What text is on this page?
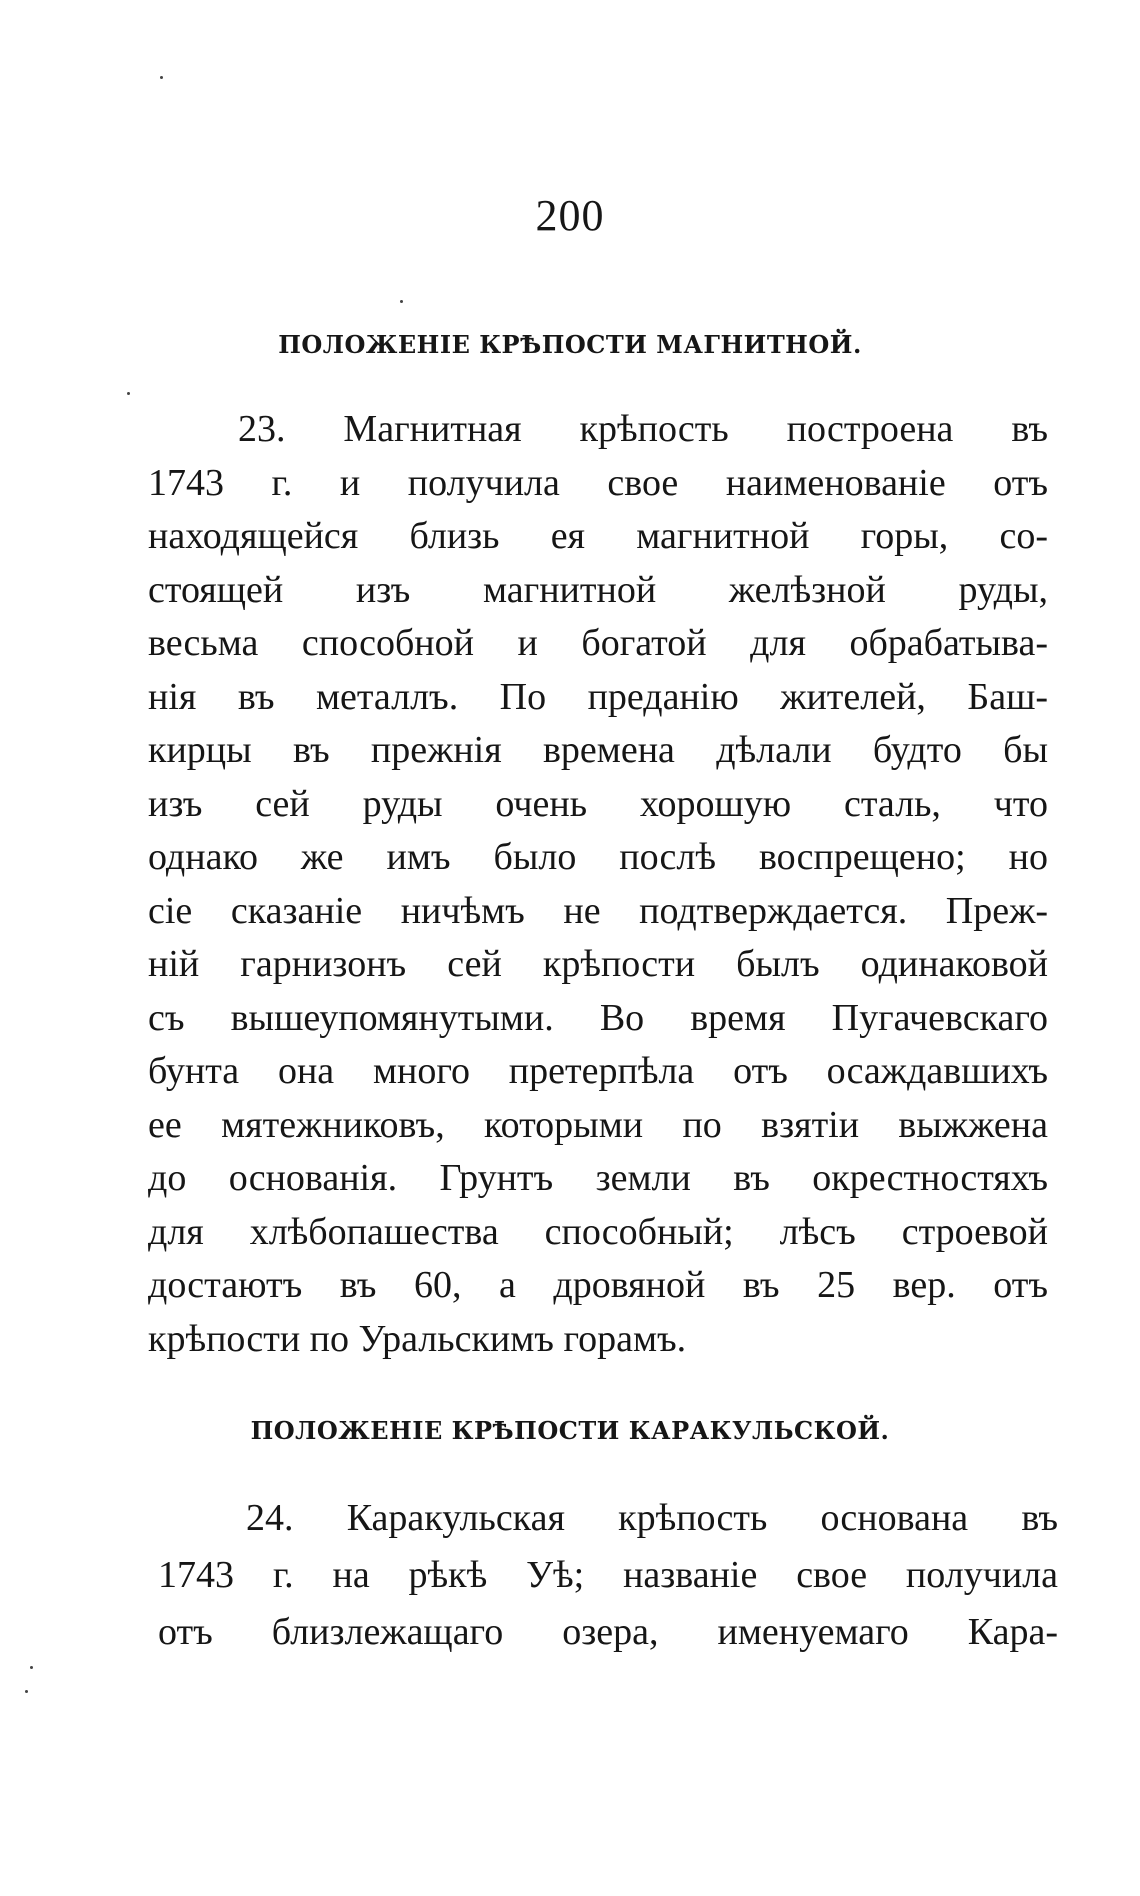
200
ПОЛОЖЕНІЕ КРѢПОСТИ МАГНИТНОЙ.
23. Магнитная крѣпость построена въ
1743 г. и получила свое наименованіе отъ
находящейся близь ея магнитной горы, со-
стоящей изъ магнитной желѣзной руды,
весьма способной и богатой для обрабатыва-
нія въ металлъ. По преданію жителей, Баш-
киpцы въ прежнія времена дѣлали будто бы
изъ сей руды очень хорошую сталь, что
однако же имъ было послѣ воспрещено; но
сіе сказаніе ничѣмъ не подтверждается. Преж-
ній гарнизонъ сей крѣпости былъ одинаковой
съ вышеупомянутыми. Во время Пугачевскаго
бунта она много претерпѣла отъ осаждавшихъ
ее мятежниковъ, которыми по взятіи выжжена
до основанія. Грунтъ земли въ окрестностяхъ
для хлѣбопашества способный; лѣсъ строевой
достаютъ въ 60, а дровяной въ 25 вер. отъ
крѣпости по Уральскимъ горамъ.
ПОЛОЖЕНІЕ КРѢПОСТИ КАРАКУЛЬСКОЙ.
24. Каракульская крѣпость основана въ
1743 г. на рѣкѣ Уѣ; названіе свое получила
отъ близлежащаго озера, именуемаго Кара-
